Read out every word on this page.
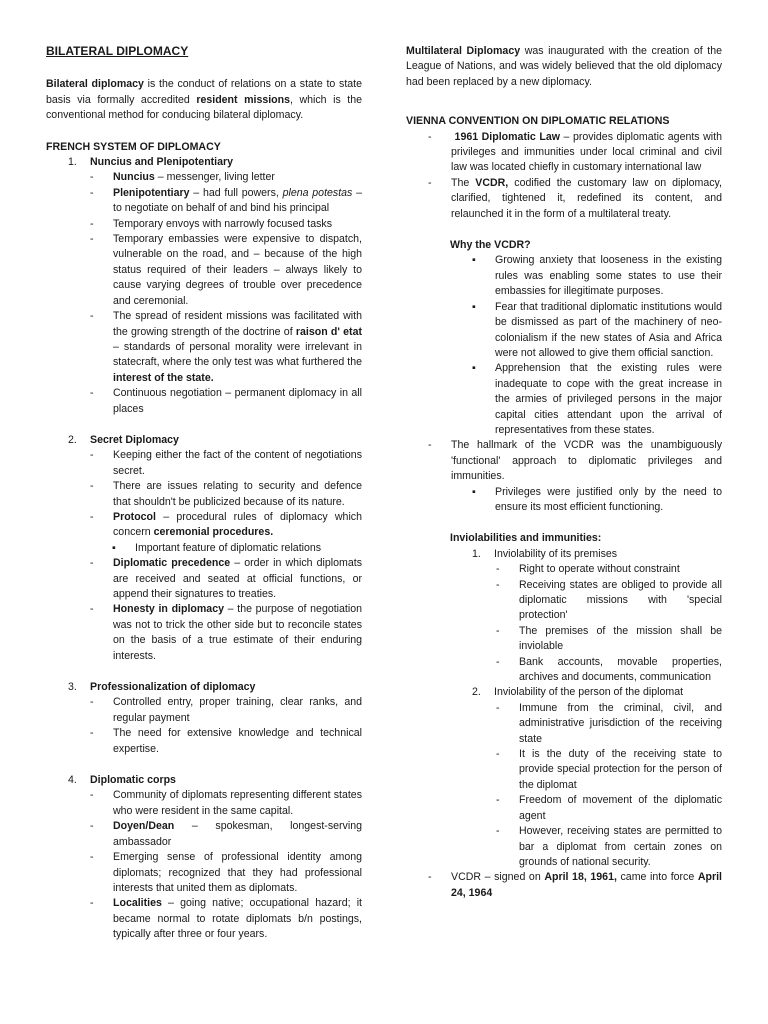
BILATERAL DIPLOMACY

Bilateral diplomacy is the conduct of relations on a state to state basis via formally accredited resident missions, which is the conventional method for conducing bilateral diplomacy.

FRENCH SYSTEM OF DIPLOMACY

1.	Nuncius and Plenipotentiary
-	Nuncius – messenger, living letter
-	Plenipotentiary – had full powers, plena potestas – to negotiate on behalf of and bind his principal
-	Temporary envoys with narrowly focused tasks
-	Temporary embassies were expensive to dispatch, vulnerable on the road, and – because of the high status required of their leaders – always likely to cause varying degrees of trouble over precedence and ceremonial.
-	The spread of resident missions was facilitated with the growing strength of the doctrine of raison d' etat – standards of personal morality were irrelevant in statecraft, where the only test was what furthered the interest of the state.
-	Continuous negotiation – permanent diplomacy in all places
2.	Secret Diplomacy
-	Keeping either the fact of the content of negotiations secret.
-	There are issues relating to security and defence that shouldn't be publicized because of its nature.
-	Protocol – procedural rules of diplomacy which concern ceremonial procedures.
▪	Important feature of diplomatic relations
-	Diplomatic precedence – order in which diplomats are received and seated at official functions, or append their signatures to treaties.
-	Honesty in diplomacy – the purpose of negotiation was not to trick the other side but to reconcile states on the basis of a true estimate of their enduring interests.
3.	Professionalization of diplomacy
-	Controlled entry, proper training, clear ranks, and regular payment
-	The need for extensive knowledge and technical expertise.
4.	Diplomatic corps
-	Community of diplomats representing different states who were resident in the same capital.
-	Doyen/Dean – spokesman, longest-serving ambassador
-	Emerging sense of professional identity among diplomats; recognized that they had professional interests that united them as diplomats.
-	Localities – going native; occupational hazard; it became normal to rotate diplomats b/n postings, typically after three or four years.

Multilateral Diplomacy was inaugurated with the creation of the League of Nations, and was widely believed that the old diplomacy had been replaced by a new diplomacy.

VIENNA CONVENTION ON DIPLOMATIC RELATIONS

-	1961 Diplomatic Law – provides diplomatic agents with privileges and immunities under local criminal and civil law was located chiefly in customary international law
-	The VCDR, codified the customary law on diplomacy, clarified, tightened it, redefined its content, and relaunched it in the form of a multilateral treaty.

Why the VCDR?

▪	Growing anxiety that looseness in the existing rules was enabling some states to use their embassies for illegitimate purposes.
▪	Fear that traditional diplomatic institutions would be dismissed as part of the machinery of neo-colonialism if the new states of Asia and Africa were not allowed to give them official sanction.
▪	Apprehension that the existing rules were inadequate to cope with the great increase in the armies of privileged persons in the major capital cities attendant upon the arrival of representatives from these states.
-	The hallmark of the VCDR was the unambiguously 'functional' approach to diplomatic privileges and immunities.
▪	Privileges were justified only by the need to ensure its most efficient functioning.

Inviolabilities and immunities:

1.	Inviolability of its premises
-	Right to operate without constraint
-	Receiving states are obliged to provide all diplomatic missions with 'special protection'
-	The premises of the mission shall be inviolable
-	Bank accounts, movable properties, archives and documents, communication
2.	Inviolability of the person of the diplomat
-	Immune from the criminal, civil, and administrative jurisdiction of the receiving state
-	It is the duty of the receiving state to provide special protection for the person of the diplomat
-	Freedom of movement of the diplomatic agent
-	However, receiving states are permitted to bar a diplomat from certain zones on grounds of national security.
-	VCDR – signed on April 18, 1961, came into force April 24, 1964
